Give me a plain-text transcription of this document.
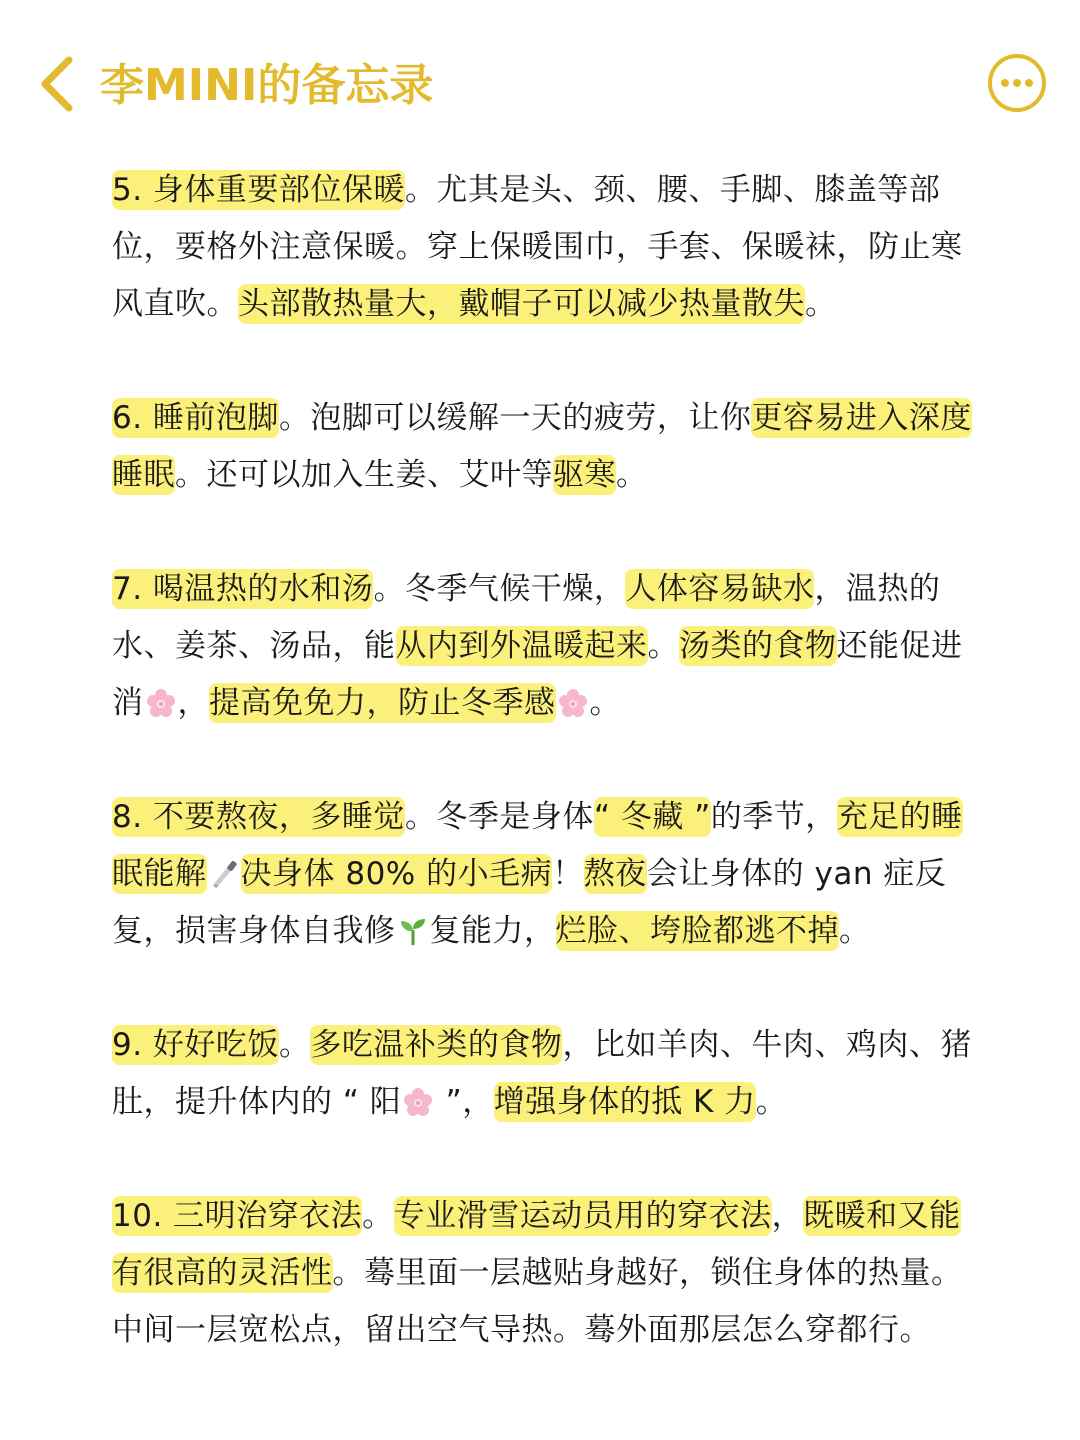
李MINI的备忘录

5. 身体重要部位保暖。尤其是头、颈、腰、手脚、膝盖等部位，要格外注意保暖。穿上保暖围巾，手套、保暖袜，防止寒风直吹。头部散热量大，戴帽子可以减少热量散失。

6. 睡前泡脚。泡脚可以缓解一天的疲劳，让你更容易进入深度睡眠。还可以加入生姜、艾叶等驱寒。

7. 喝温热的水和汤。冬季气候干燥，人体容易缺水，温热的水、姜茶、汤品，能从内到外温暖起来。汤类的食物还能促进消 ，提高免免力，防止冬季感 。

8. 不要熬夜，多睡觉。冬季是身体“ 冬藏 ”的季节，充足的睡眠能解 决身体 80% 的小毛病！熬夜会让身体的 yan 症反复，损害身体自我修 复能力，烂脸、垮脸都逃不掉。

9. 好好吃饭。多吃温补类的食物，比如羊肉、牛肉、鸡肉、猪肚，提升体内的 “ 阳
”，增强身体的抵 K 力。

10. 三明治穿衣法。专业滑雪运动员用的穿衣法，既暖和又能有很高的灵活性。蓦里面一层越贴身越好，锁住身体的热量。中间一层宽松点，留出空气导热。蓦外面那层怎么穿都行。
